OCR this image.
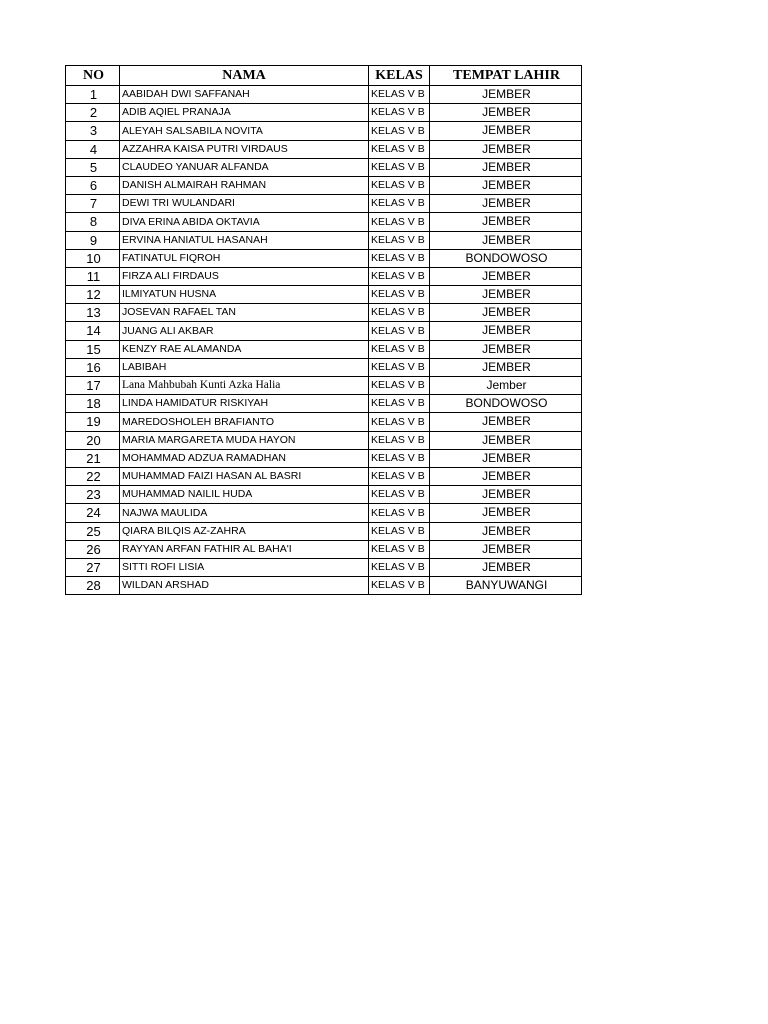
NO	NAMA	KELAS	TEMPAT LAHIR
1	AABIDAH DWI SAFFANAH	KELAS V B	JEMBER
2	ADIB AQIEL PRANAJA	KELAS V B	JEMBER
3	ALEYAH SALSABILA NOVITA	KELAS V B	JEMBER
4	AZZAHRA KAISA PUTRI VIRDAUS	KELAS V B	JEMBER
5	CLAUDEO YANUAR ALFANDA	KELAS V B	JEMBER
6	DANISH ALMAIRAH RAHMAN	KELAS V B	JEMBER
7	DEWI TRI WULANDARI	KELAS V B	JEMBER
8	DIVA ERINA ABIDA OKTAVIA	KELAS V B	JEMBER
9	ERVINA HANIATUL HASANAH	KELAS V B	JEMBER
10	FATINATUL FIQROH	KELAS V B	BONDOWOSO
11	FIRZA ALI FIRDAUS	KELAS V B	JEMBER
12	ILMIYATUN HUSNA	KELAS V B	JEMBER
13	JOSEVAN RAFAEL TAN	KELAS V B	JEMBER
14	JUANG ALI AKBAR	KELAS V B	JEMBER
15	KENZY RAE ALAMANDA	KELAS V B	JEMBER
16	LABIBAH	KELAS V B	JEMBER
17	Lana Mahbubah Kunti Azka Halia	KELAS V B	Jember
18	LINDA HAMIDATUR RISKIYAH	KELAS V B	BONDOWOSO
19	MAREDOSHOLEH BRAFIANTO	KELAS V B	JEMBER
20	MARIA MARGARETA MUDA HAYON	KELAS V B	JEMBER
21	MOHAMMAD ADZUA RAMADHAN	KELAS V B	JEMBER
22	MUHAMMAD FAIZI HASAN AL BASRI	KELAS V B	JEMBER
23	MUHAMMAD NAILIL HUDA	KELAS V B	JEMBER
24	NAJWA MAULIDA	KELAS V B	JEMBER
25	QIARA BILQIS AZ-ZAHRA	KELAS V B	JEMBER
26	RAYYAN ARFAN FATHIR AL BAHA'I	KELAS V B	JEMBER
27	SITTI ROFI LISIA	KELAS V B	JEMBER
28	WILDAN ARSHAD	KELAS V B	BANYUWANGI
